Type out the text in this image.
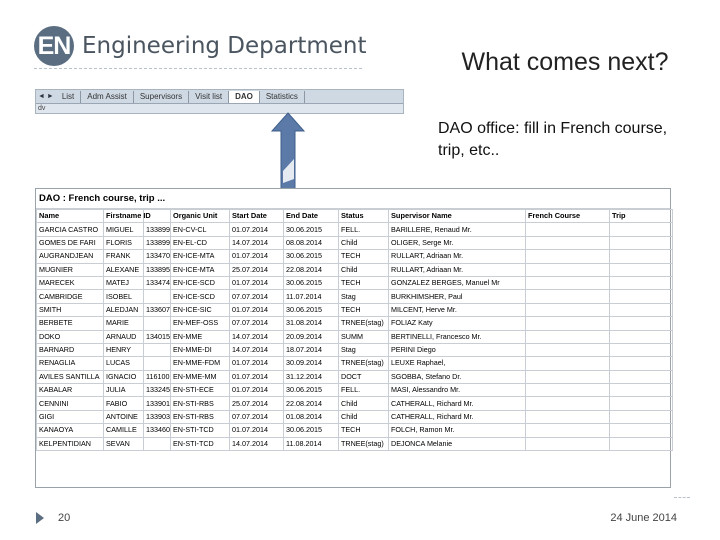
EN Engineering Department
What comes next?
DAO office: fill in French course, trip, etc..
◄ ►	List	Adm Assist	Supervisors	Visit list	DAO	Statistics
dv
DAO : French course, trip ...
Name	Firstname ID		Organic Unit	Start Date	End Date	Status	Supervisor Name	French Course	Trip
GARCIA CASTRO	MIGUEL	133899	EN-CV-CL	01.07.2014	30.06.2015	FELL.	BARILLERE, Renaud Mr.		
GOMES DE FARI	FLORIS	133899	EN-EL-CD	14.07.2014	08.08.2014	Child	OLIGER, Serge Mr.		
AUGRANDJEAN	FRANK	133470	EN-ICE-MTA	01.07.2014	30.06.2015	TECH	RULLART, Adriaan Mr.		
MUGNIER	ALEXANE	133895	EN-ICE-MTA	25.07.2014	22.08.2014	Child	RULLART, Adriaan Mr.		
MARECEK	MATEJ	133474	EN-ICE-SCD	01.07.2014	30.06.2015	TECH	GONZALEZ BERGES, Manuel Mr		
CAMBRIDGE	ISOBEL		EN-ICE-SCD	07.07.2014	11.07.2014	Stag	BURKHIMSHER, Paul		
SMITH	ALEDJAN	133607	EN-ICE-SIC	01.07.2014	30.06.2015	TECH	MILCENT, Herve Mr.		
BERBETE	MARIE		EN-MEF-OSS	07.07.2014	31.08.2014	TRNEE(stag)	FOLIAZ Katy		
DOKO	ARNAUD	134015	EN-MME	14.07.2014	20.09.2014	SUMM	BERTINELLI, Francesco Mr.		
BARNARD	HENRY		EN-MME-DI	14.07.2014	18.07.2014	Stag	PERINI Diego		
RENAGLIA	LUCAS		EN-MME-FDM	01.07.2014	30.09.2014	TRNEE(stag)	LEUXE Raphael,		
AVILES SANTILLA	IGNACIO	116100	EN-MME-MM	01.07.2014	31.12.2014	DOCT	SGOBBA, Stefano Dr.		
KABALAR	JULIA	133245	EN-STI-ECE	01.07.2014	30.06.2015	FELL.	MASI, Alessandro Mr.		
CENNINI	FABIO	133901	EN-STI-RBS	25.07.2014	22.08.2014	Child	CATHERALL, Richard Mr.		
GIGI	ANTOINE	133903	EN-STI-RBS	07.07.2014	01.08.2014	Child	CATHERALL, Richard Mr.		
KANAOYA	CAMILLE	133460	EN-STI-TCD	01.07.2014	30.06.2015	TECH	FOLCH, Ramon Mr.		
KELPENTIDIAN	SEVAN		EN-STI-TCD	14.07.2014	11.08.2014	TRNEE(stag)	DEJONCA Melanie		
20	24 June 2014
